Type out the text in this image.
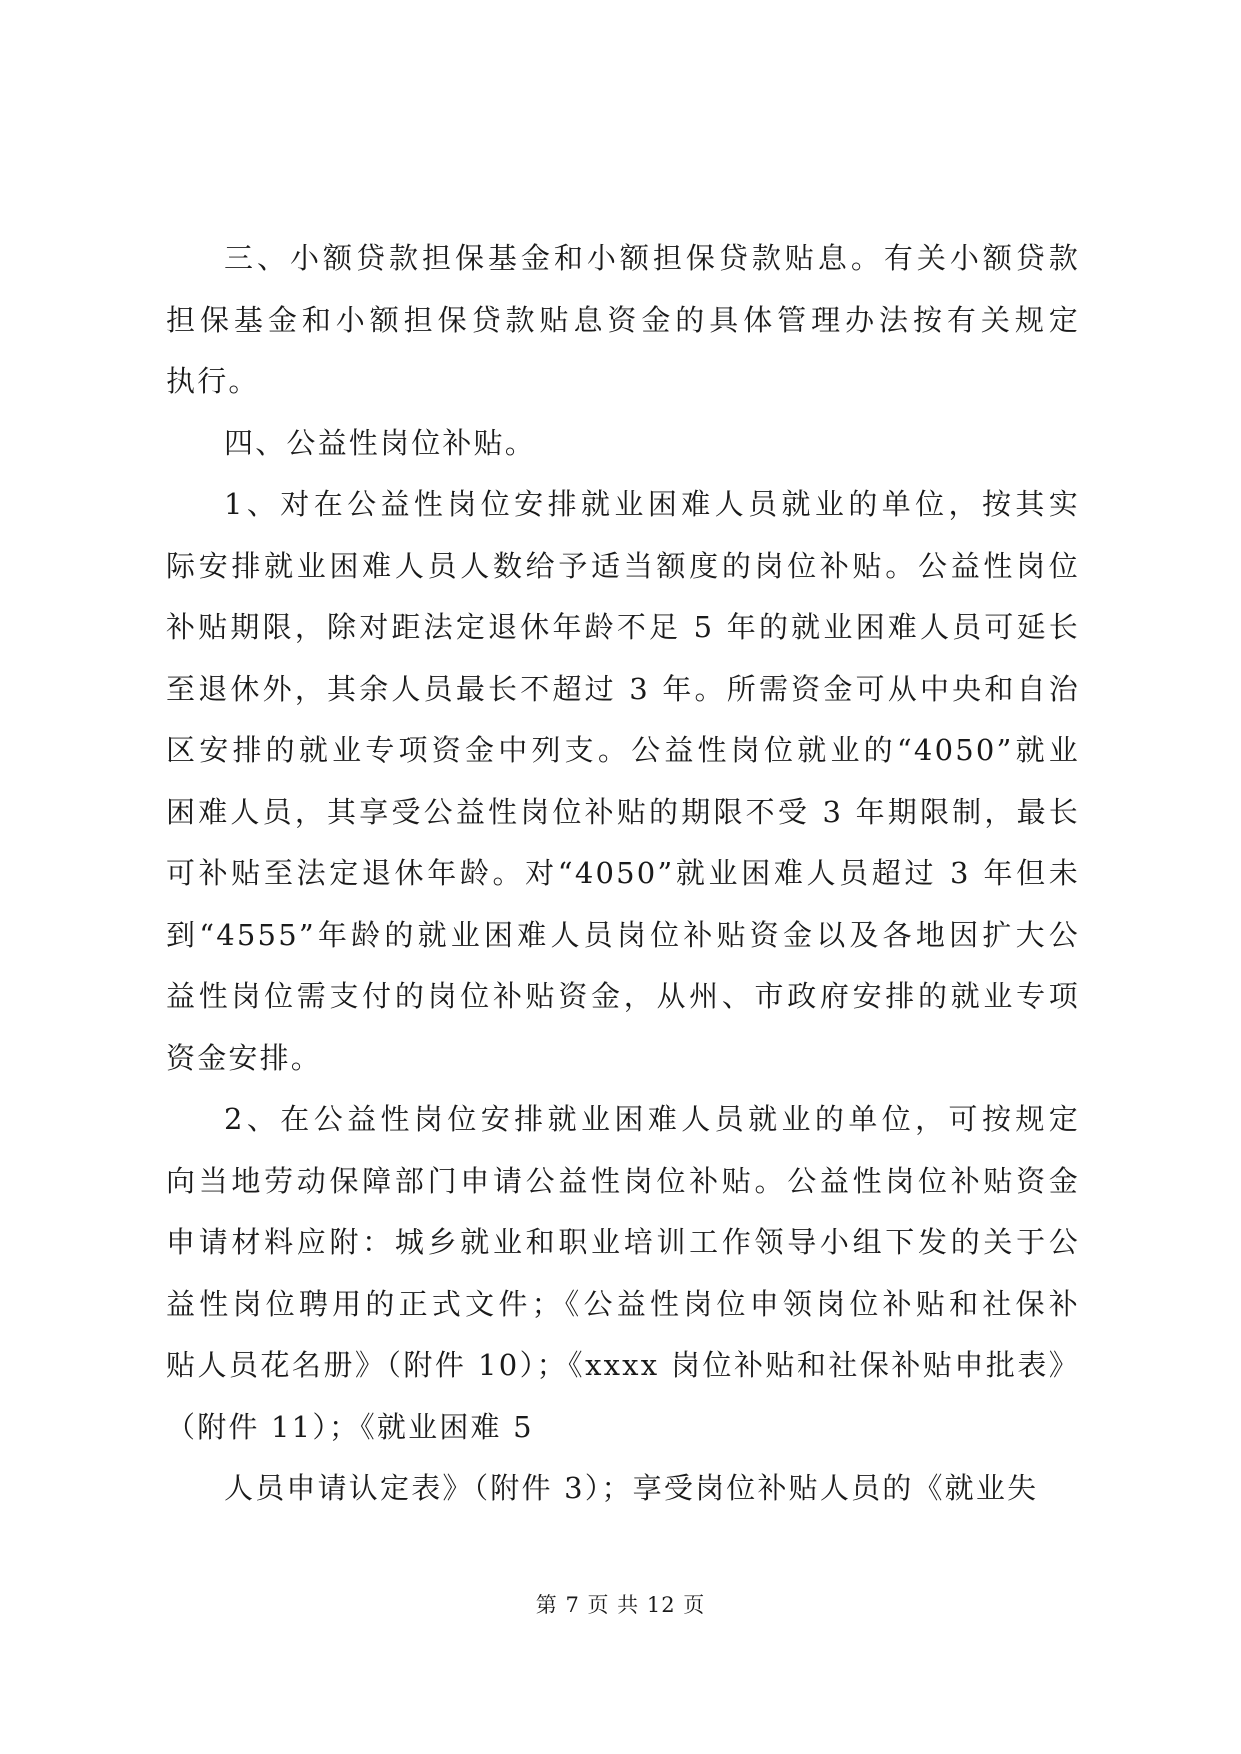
三、小额贷款担保基金和小额担保贷款贴息。有关小额贷款
担保基金和小额担保贷款贴息资金的具体管理办法按有关规定
执行。
四、公益性岗位补贴。
1、对在公益性岗位安排就业困难人员就业的单位，按其实
际安排就业困难人员人数给予适当额度的岗位补贴。公益性岗位
补贴期限，除对距法定退休年龄不足 5 年的就业困难人员可延长
至退休外，其余人员最长不超过 3 年。所需资金可从中央和自治
区安排的就业专项资金中列支。公益性岗位就业的“4050”就业
困难人员，其享受公益性岗位补贴的期限不受 3 年期限制，最长
可补贴至法定退休年龄。对“4050”就业困难人员超过 3 年但未
到“4555”年龄的就业困难人员岗位补贴资金以及各地因扩大公
益性岗位需支付的岗位补贴资金，从州、市政府安排的就业专项
资金安排。
2、在公益性岗位安排就业困难人员就业的单位，可按规定
向当地劳动保障部门申请公益性岗位补贴。公益性岗位补贴资金
申请材料应附：城乡就业和职业培训工作领导小组下发的关于公
益性岗位聘用的正式文件；《公益性岗位申领岗位补贴和社保补
贴人员花名册》（附件 10）；《xxxx 岗位补贴和社保补贴申批表》
（附件 11）；《就业困难 5
人员申请认定表》（附件 3）；享受岗位补贴人员的《就业失
第 7 页 共 12 页
